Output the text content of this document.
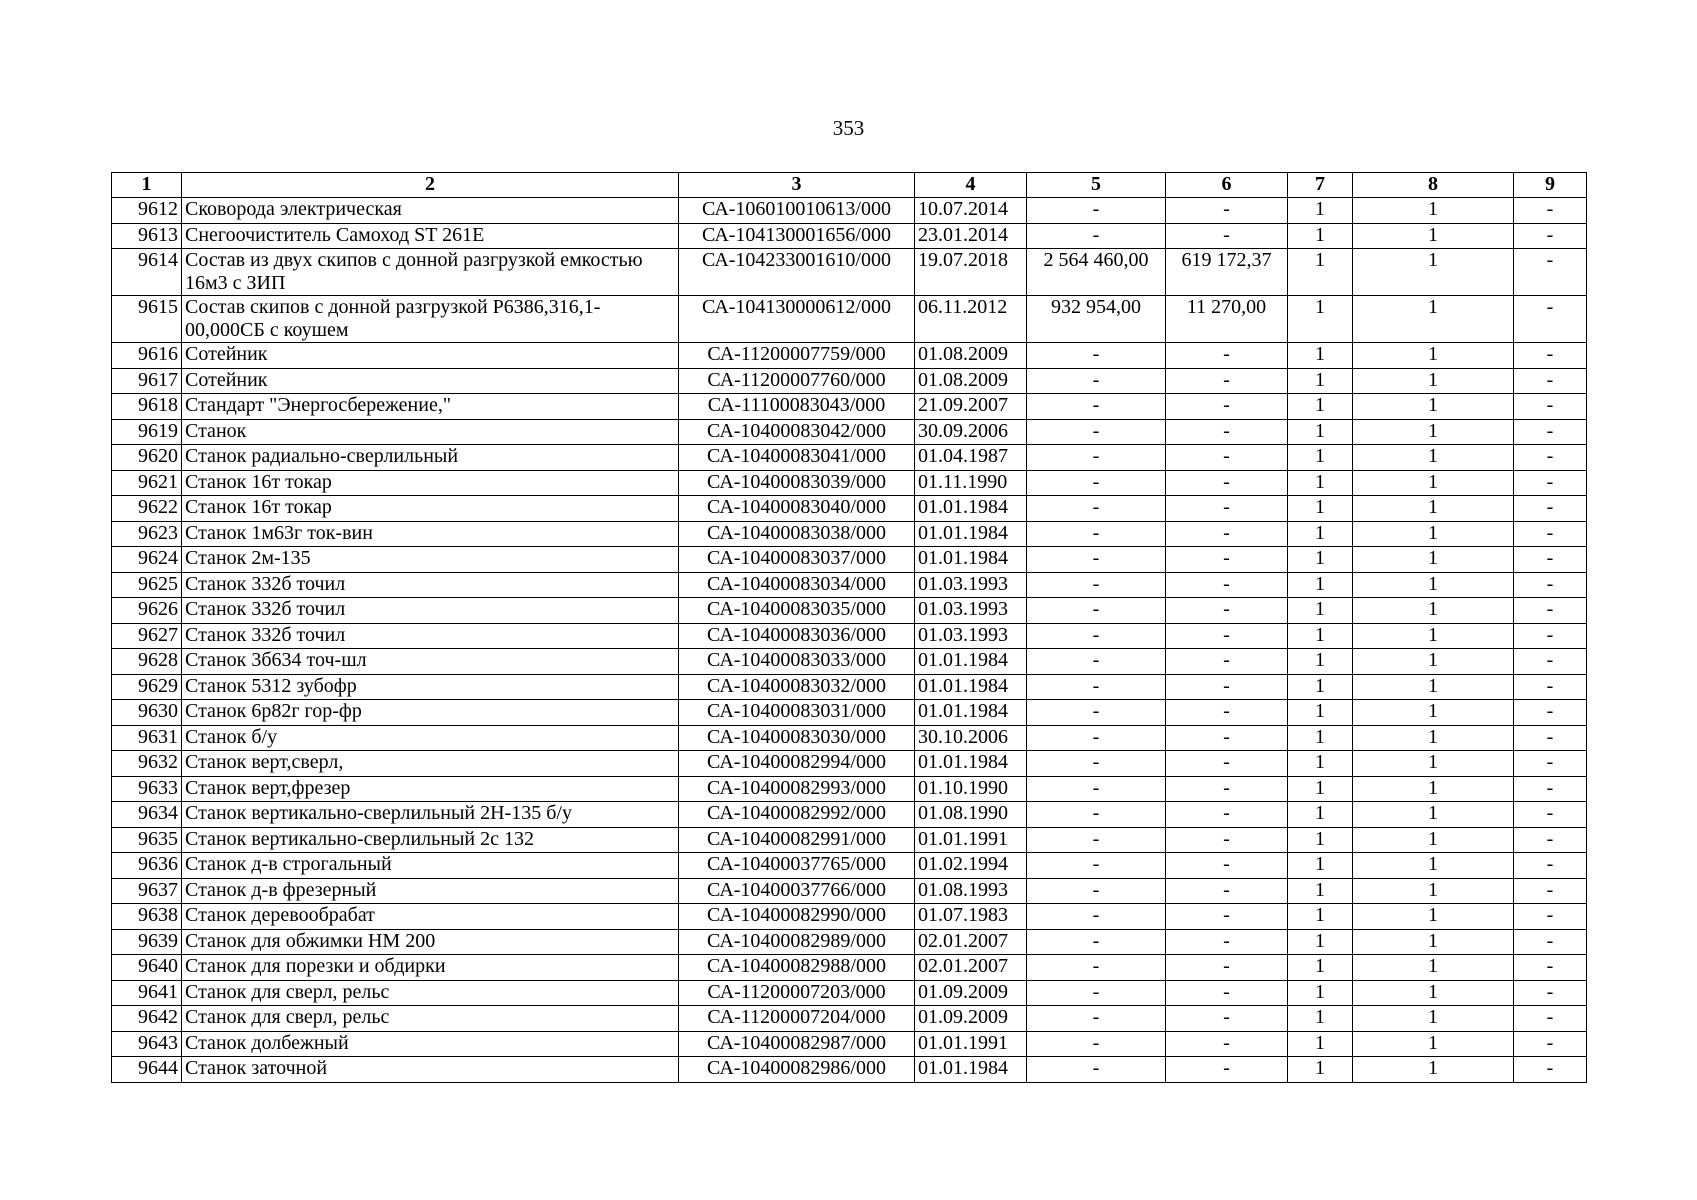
353
1	2	3	4	5	6	7	8	9
9612	Сковорода электрическая	СА-106010010613/000	10.07.2014	-	-	1	1	-
9613	Снегоочиститель Самоход ST 261E	СА-104130001656/000	23.01.2014	-	-	1	1	-
9614	Состав из двух скипов с донной разгрузкой емкостью 16м3 с ЗИП	СА-104233001610/000	19.07.2018	2 564 460,00	619 172,37	1	1	-
9615	Состав скипов с донной разгрузкой Р6386,316,1-00,000СБ с коушем	СА-104130000612/000	06.11.2012	932 954,00	11 270,00	1	1	-
9616	Сотейник	СА-11200007759/000	01.08.2009	-	-	1	1	-
9617	Сотейник	СА-11200007760/000	01.08.2009	-	-	1	1	-
9618	Стандарт "Энергосбережение,"	СА-11100083043/000	21.09.2007	-	-	1	1	-
9619	Станок	СА-10400083042/000	30.09.2006	-	-	1	1	-
9620	Станок радиально-сверлильный	СА-10400083041/000	01.04.1987	-	-	1	1	-
9621	Станок 16т токар	СА-10400083039/000	01.11.1990	-	-	1	1	-
9622	Станок 16т токар	СА-10400083040/000	01.01.1984	-	-	1	1	-
9623	Станок 1м63г ток-вин	СА-10400083038/000	01.01.1984	-	-	1	1	-
9624	Станок 2м-135	СА-10400083037/000	01.01.1984	-	-	1	1	-
9625	Станок 332б точил	СА-10400083034/000	01.03.1993	-	-	1	1	-
9626	Станок 332б точил	СА-10400083035/000	01.03.1993	-	-	1	1	-
9627	Станок 332б точил	СА-10400083036/000	01.03.1993	-	-	1	1	-
9628	Станок 3б634 точ-шл	СА-10400083033/000	01.01.1984	-	-	1	1	-
9629	Станок 5312 зубофр	СА-10400083032/000	01.01.1984	-	-	1	1	-
9630	Станок 6р82г гор-фр	СА-10400083031/000	01.01.1984	-	-	1	1	-
9631	Станок б/у	СА-10400083030/000	30.10.2006	-	-	1	1	-
9632	Станок верт,сверл,	СА-10400082994/000	01.01.1984	-	-	1	1	-
9633	Станок верт,фрезер	СА-10400082993/000	01.10.1990	-	-	1	1	-
9634	Станок вертикально-сверлильный 2Н-135 б/у	СА-10400082992/000	01.08.1990	-	-	1	1	-
9635	Станок вертикально-сверлильный 2с 132	СА-10400082991/000	01.01.1991	-	-	1	1	-
9636	Станок д-в строгальный	СА-10400037765/000	01.02.1994	-	-	1	1	-
9637	Станок д-в фрезерный	СА-10400037766/000	01.08.1993	-	-	1	1	-
9638	Станок деревообрабат	СА-10400082990/000	01.07.1983	-	-	1	1	-
9639	Станок для обжимки НМ 200	СА-10400082989/000	02.01.2007	-	-	1	1	-
9640	Станок для порезки и обдирки	СА-10400082988/000	02.01.2007	-	-	1	1	-
9641	Станок для сверл, рельс	СА-11200007203/000	01.09.2009	-	-	1	1	-
9642	Станок для сверл, рельс	СА-11200007204/000	01.09.2009	-	-	1	1	-
9643	Станок долбежный	СА-10400082987/000	01.01.1991	-	-	1	1	-
9644	Станок заточной	СА-10400082986/000	01.01.1984	-	-	1	1	-
